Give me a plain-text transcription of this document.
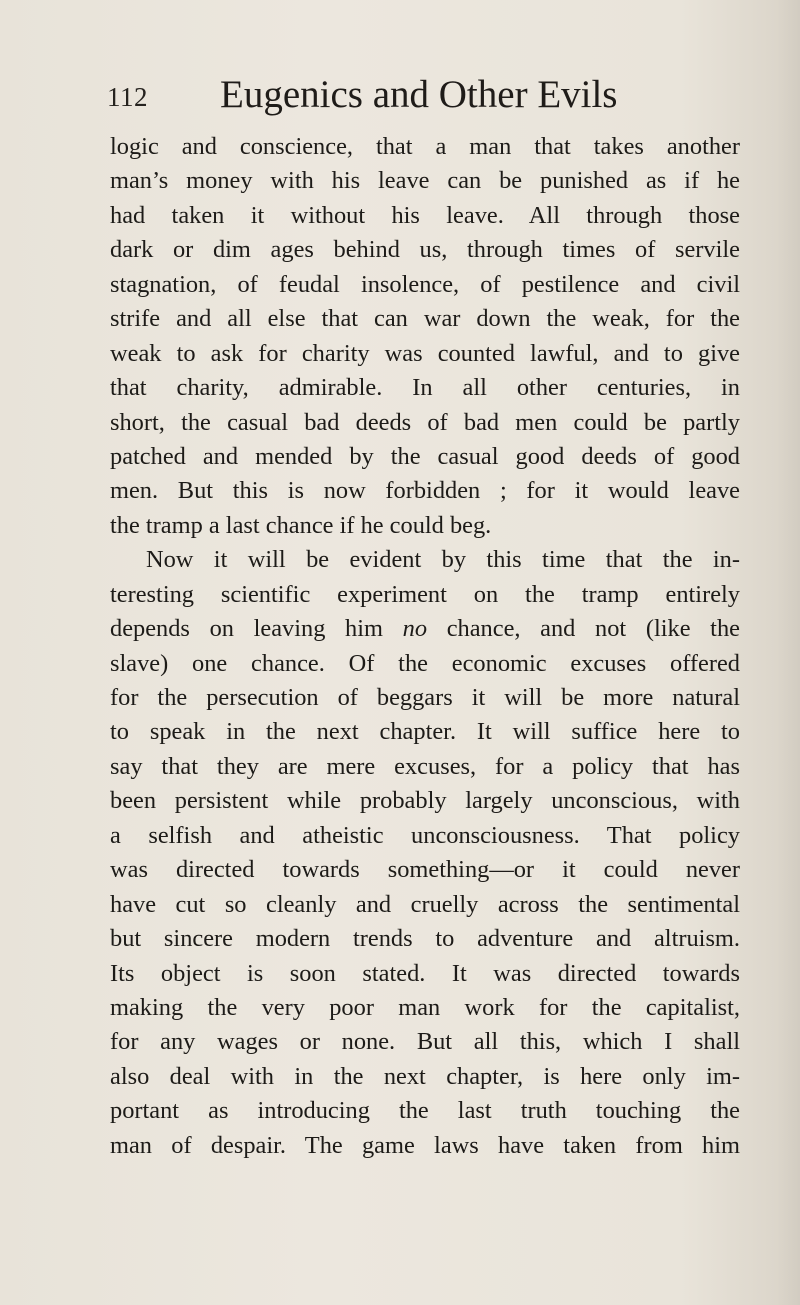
112 Eugenics and Other Evils
logic and conscience, that a man that takes another
man’s money with his leave can be punished as if he
had taken it without his leave. All through those
dark or dim ages behind us, through times of servile
stagnation, of feudal insolence, of pestilence and civil
strife and all else that can war down the weak, for the
weak to ask for charity was counted lawful, and to give
that charity, admirable. In all other centuries, in
short, the casual bad deeds of bad men could be partly
patched and mended by the casual good deeds of good
men. But this is now forbidden ; for it would leave
the tramp a last chance if he could beg.
Now it will be evident by this time that the in-
teresting scientific experiment on the tramp entirely
depends on leaving him no chance, and not (like the
slave) one chance. Of the economic excuses offered
for the persecution of beggars it will be more natural
to speak in the next chapter. It will suffice here to
say that they are mere excuses, for a policy that has
been persistent while probably largely unconscious, with
a selfish and atheistic unconsciousness. That policy
was directed towards something—or it could never
have cut so cleanly and cruelly across the sentimental
but sincere modern trends to adventure and altruism.
Its object is soon stated. It was directed towards
making the very poor man work for the capitalist,
for any wages or none. But all this, which I shall
also deal with in the next chapter, is here only im-
portant as introducing the last truth touching the
man of despair. The game laws have taken from him
